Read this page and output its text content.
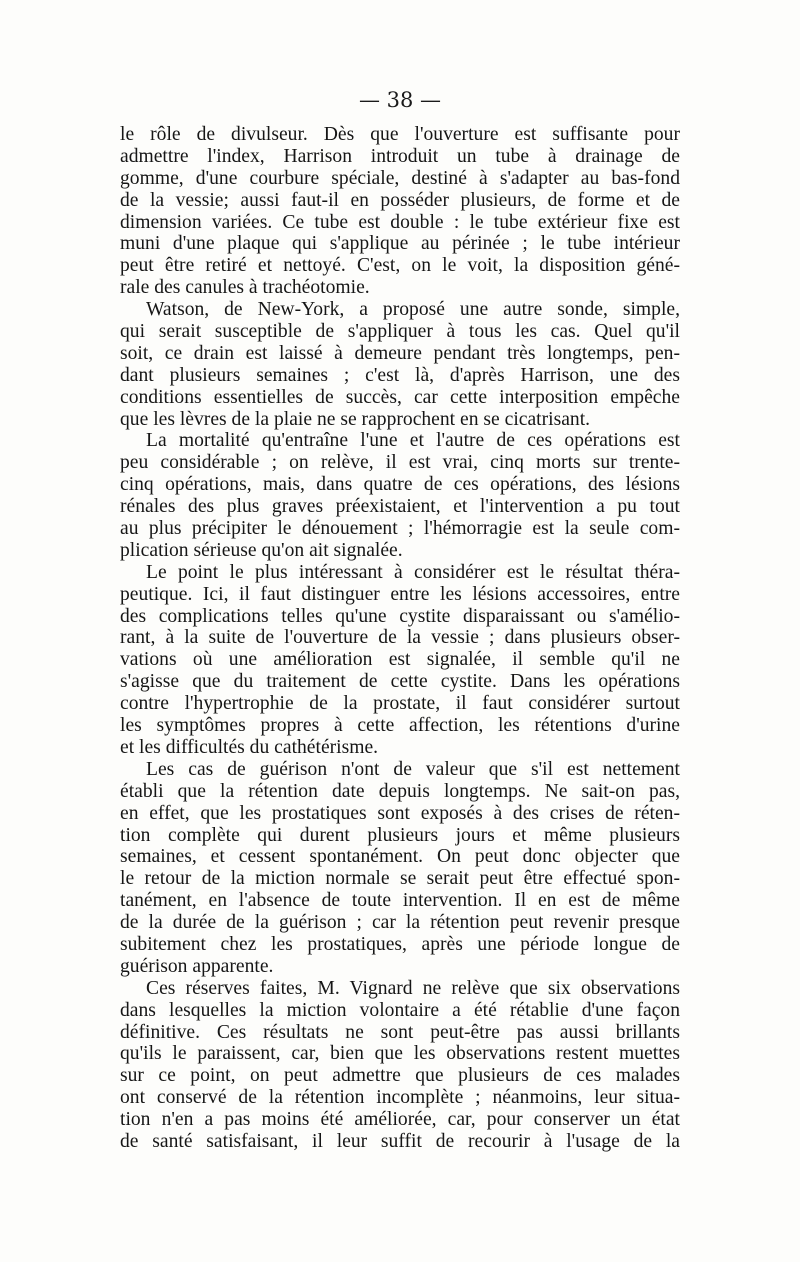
— 38 —
le rôle de divulseur. Dès que l'ouverture est suffisante pour
admettre l'index, Harrison introduit un tube à drainage de
gomme, d'une courbure spéciale, destiné à s'adapter au bas-fond
de la vessie; aussi faut-il en posséder plusieurs, de forme et de
dimension variées. Ce tube est double : le tube extérieur fixe est
muni d'une plaque qui s'applique au périnée ; le tube intérieur
peut être retiré et nettoyé. C'est, on le voit, la disposition géné-
rale des canules à trachéotomie.
Watson, de New-York, a proposé une autre sonde, simple,
qui serait susceptible de s'appliquer à tous les cas. Quel qu'il
soit, ce drain est laissé à demeure pendant très longtemps, pen-
dant plusieurs semaines ; c'est là, d'après Harrison, une des
conditions essentielles de succès, car cette interposition empêche
que les lèvres de la plaie ne se rapprochent en se cicatrisant.
La mortalité qu'entraîne l'une et l'autre de ces opérations est
peu considérable ; on relève, il est vrai, cinq morts sur trente-
cinq opérations, mais, dans quatre de ces opérations, des lésions
rénales des plus graves préexistaient, et l'intervention a pu tout
au plus précipiter le dénouement ; l'hémorragie est la seule com-
plication sérieuse qu'on ait signalée.
Le point le plus intéressant à considérer est le résultat théra-
peutique. Ici, il faut distinguer entre les lésions accessoires, entre
des complications telles qu'une cystite disparaissant ou s'amélio-
rant, à la suite de l'ouverture de la vessie ; dans plusieurs obser-
vations où une amélioration est signalée, il semble qu'il ne
s'agisse que du traitement de cette cystite. Dans les opérations
contre l'hypertrophie de la prostate, il faut considérer surtout
les symptômes propres à cette affection, les rétentions d'urine
et les difficultés du cathétérisme.
Les cas de guérison n'ont de valeur que s'il est nettement
établi que la rétention date depuis longtemps. Ne sait-on pas,
en effet, que les prostatiques sont exposés à des crises de réten-
tion complète qui durent plusieurs jours et même plusieurs
semaines, et cessent spontanément. On peut donc objecter que
le retour de la miction normale se serait peut être effectué spon-
tanément, en l'absence de toute intervention. Il en est de même
de la durée de la guérison ; car la rétention peut revenir presque
subitement chez les prostatiques, après une période longue de
guérison apparente.
Ces réserves faites, M. Vignard ne relève que six observations
dans lesquelles la miction volontaire a été rétablie d'une façon
définitive. Ces résultats ne sont peut-être pas aussi brillants
qu'ils le paraissent, car, bien que les observations restent muettes
sur ce point, on peut admettre que plusieurs de ces malades
ont conservé de la rétention incomplète ; néanmoins, leur situa-
tion n'en a pas moins été améliorée, car, pour conserver un état
de santé satisfaisant, il leur suffit de recourir à l'usage de la
